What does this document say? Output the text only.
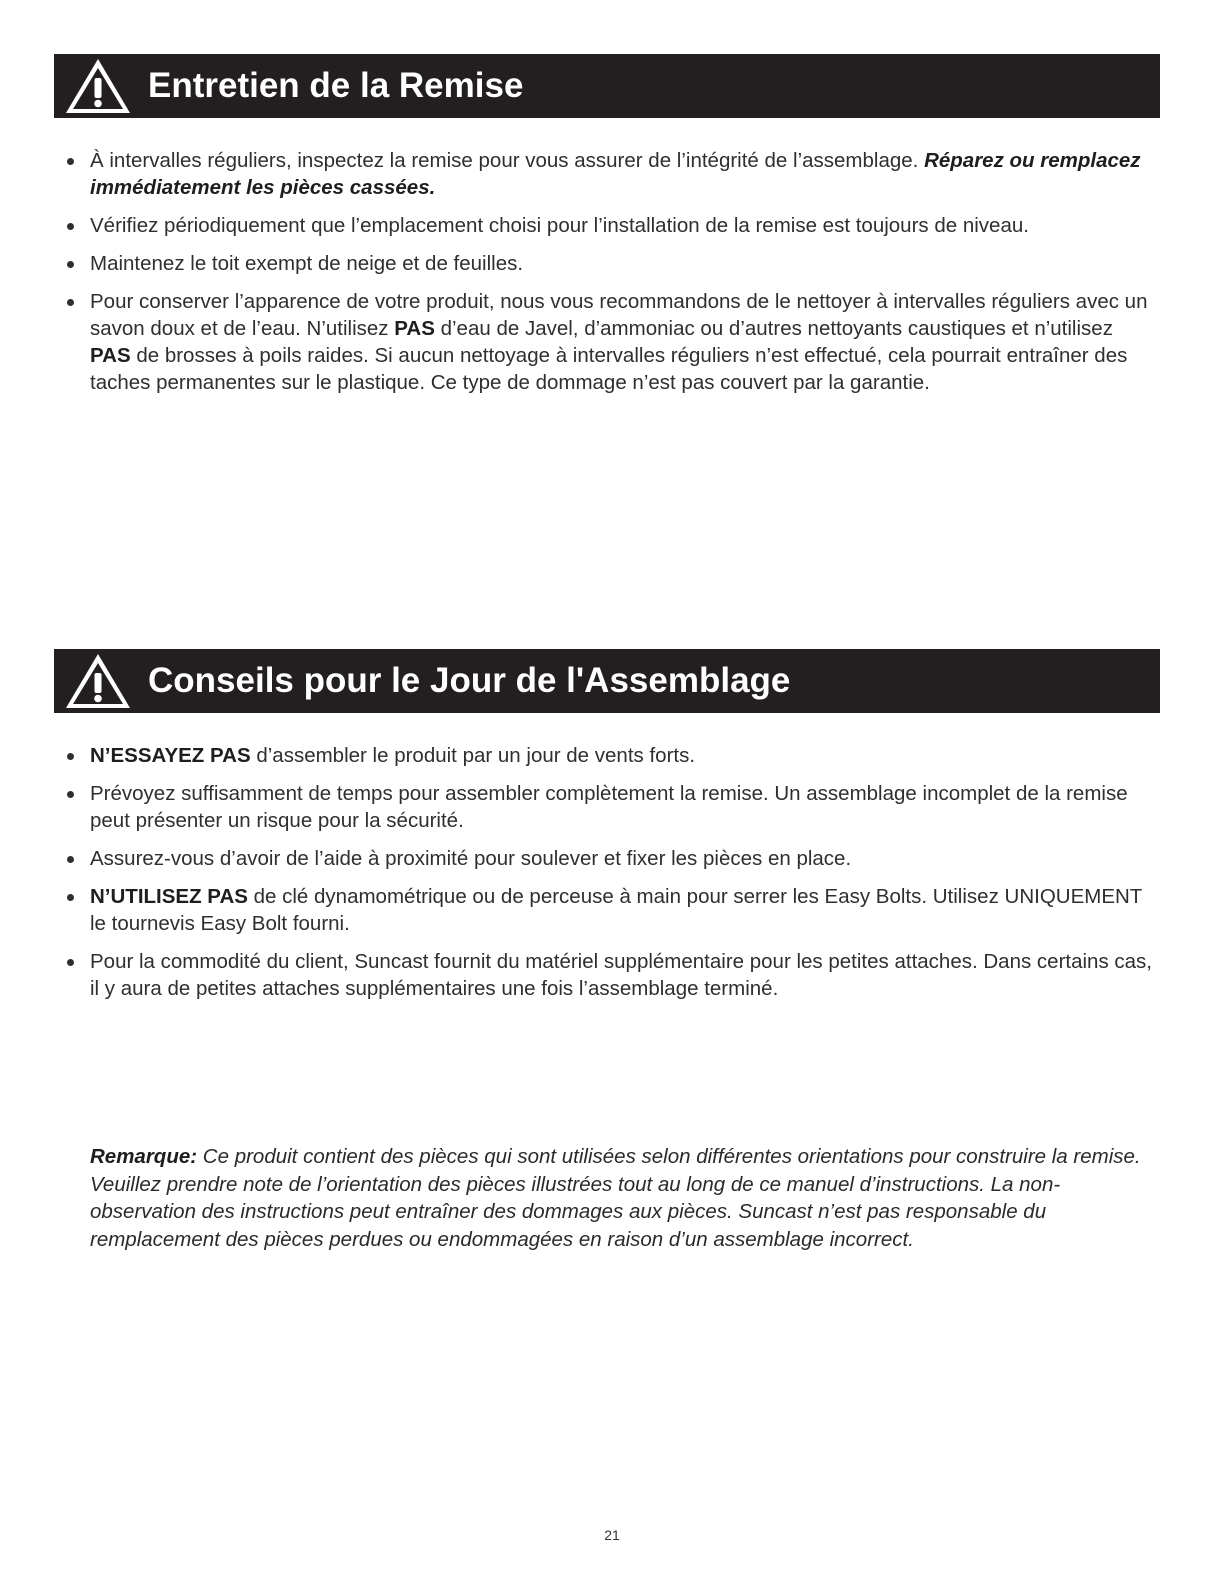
Entretien de la Remise
À intervalles réguliers, inspectez la remise pour vous assurer de l’intégrité de l’assemblage. Réparez ou remplacez immédiatement les pièces cassées.
Vérifiez périodiquement que l’emplacement choisi pour l’installation de la remise est toujours de niveau.
Maintenez le toit exempt de neige et de feuilles.
Pour conserver l’apparence de votre produit, nous vous recommandons de le nettoyer à intervalles réguliers avec un savon doux et de l’eau. N’utilisez PAS d’eau de Javel, d’ammoniac ou d’autres nettoyants caustiques et n’utilisez PAS de brosses à poils raides. Si aucun nettoyage à intervalles réguliers n’est effectué, cela pourrait entraîner des taches permanentes sur le plastique. Ce type de dommage n’est pas couvert par la garantie.
Conseils pour le Jour de l'Assemblage
N’ESSAYEZ PAS d’assembler le produit par un jour de vents forts.
Prévoyez suffisamment de temps pour assembler complètement la remise. Un assemblage incomplet de la remise peut présenter un risque pour la sécurité.
Assurez-vous d’avoir de l’aide à proximité pour soulever et fixer les pièces en place.
N’UTILISEZ PAS de clé dynamométrique ou de perceuse à main pour serrer les Easy Bolts. Utilisez UNIQUEMENT le tournevis Easy Bolt fourni.
Pour la commodité du client, Suncast fournit du matériel supplémentaire pour les petites attaches. Dans certains cas, il y aura de petites attaches supplémentaires une fois l’assemblage terminé.

Remarque: Ce produit contient des pièces qui sont utilisées selon différentes orientations pour construire la remise. Veuillez prendre note de l’orientation des pièces illustrées tout au long de ce manuel d’instructions. La non-observation des instructions peut entraîner des dommages aux pièces. Suncast n’est pas responsable du remplacement des pièces perdues ou endommagées en raison d’un assemblage incorrect.

21
